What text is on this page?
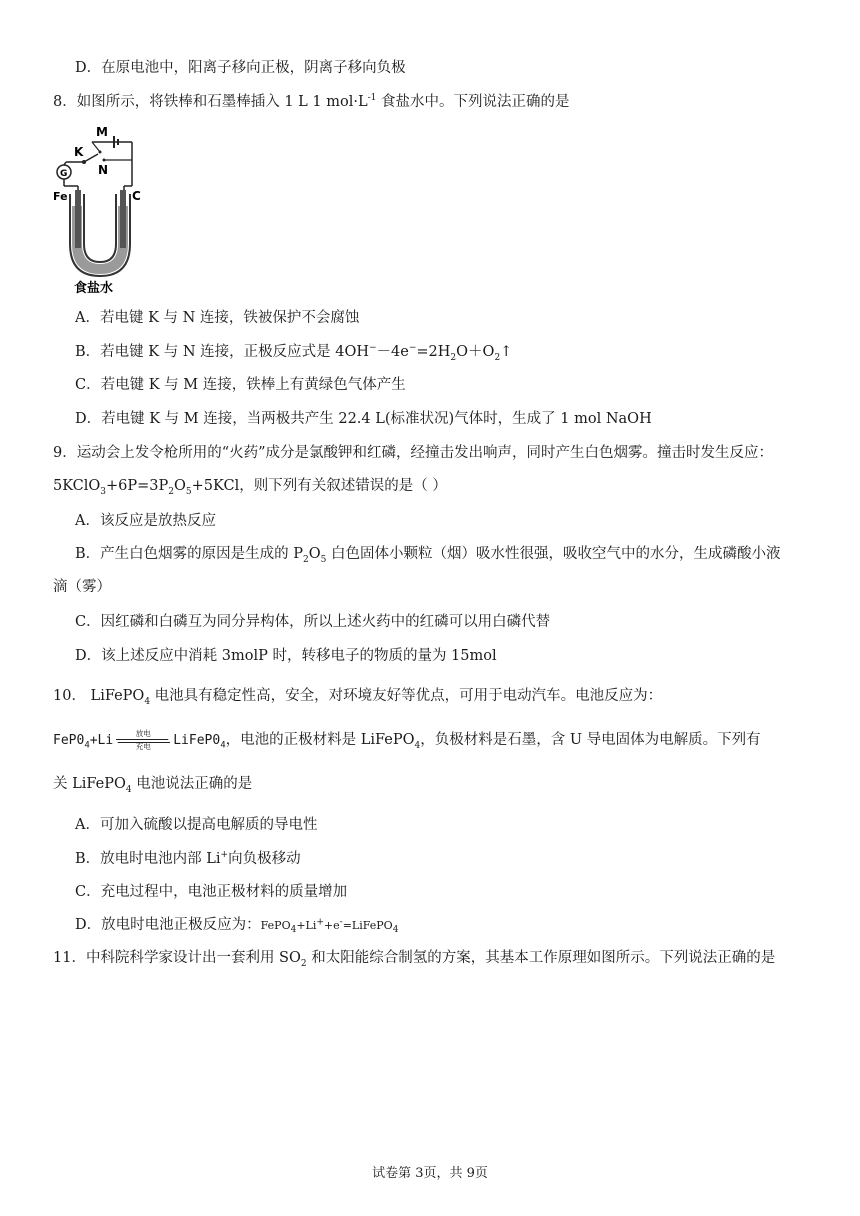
D．在原电池中，阳离子移向正极，阴离子移向负极
8．如图所示，将铁棒和石墨棒插入 1 L 1 $mol\cdot L^{-1}$ 食盐水中。下列说法正确的是
M
K
N
G
Fe	C
食盐水
A．若电键 K 与 N 连接，铁被保护不会腐蚀
B．若电键 K 与 N 连接，正极反应式是 $4OH^--4e^-=2H_2O+O_2↑$
C．若电键 K 与 M 连接，铁棒上有黄绿色气体产生
D．若电键 K 与 M 连接，当两极共产生 22.4 L(标准状况)气体时，生成了 1 mol NaOH
9．运动会上发令枪所用的“火药”成分是氯酸钾和红磷，经撞击发出响声，同时产生白色烟雾。撞击时发生反应：
$5KClO_3+6P=3P_2O_5+5KCl$，则下列有关叙述错误的是（ ）
A．该反应是放热反应
B．产生白色烟雾的原因是生成的 $P_2O_5$ 白色固体小颗粒（烟）吸水性很强，吸收空气中的水分，生成磷酸小液
滴（雾）
C．因红磷和白磷互为同分异构体，所以上述火药中的红磷可以用白磷代替
D．该上述反应中消耗 3molP 时，转移电子的物质的量为 15mol
10． LiFePO$_4$ 电池具有稳定性高，安全，对环境友好等优点，可用于电动汽车。电池反应为：
$FeP0_4+Li$	放电
充电	$LiFeP0_4$，电池的正极材料是 LiFePO$_4$，负极材料是石墨，含 U 导电固体为电解质。下列有
关 LiFePO$_4$ 电池说法正确的是
A．可加入硫酸以提高电解质的导电性
B．放电时电池内部 Li+向负极移动
C．充电过程中，电池正极材料的质量增加
D．放电时电池正极反应为：FePO$_4$+Li++e-=LiFePO$_4$
11．中科院科学家设计出一套利用 $SO_2$ 和太阳能综合制氢的方案，其基本工作原理如图所示。下列说法正确的是
试卷第 3页，共 9页
